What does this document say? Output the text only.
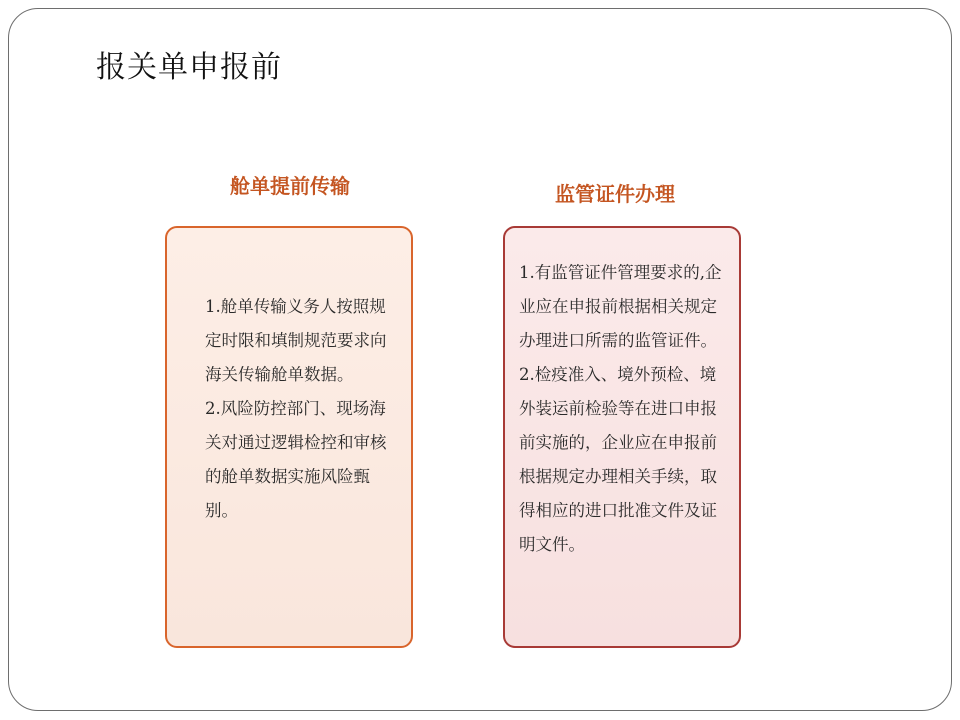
报关单申报前
舱单提前传输	监管证件办理

1.舱单传输义务人按照规定时限和填制规范要求向海关传输舱单数据。

2.风险防控部门、现场海关对通过逻辑检控和审核的舱单数据实施风险甄别。

1.有监管证件管理要求的,企业应在申报前根据相关规定办理进口所需的监管证件。

2.检疫准入、境外预检、境外装运前检验等在进口申报前实施的，企业应在申报前根据规定办理相关手续，取得相应的进口批准文件及证明文件。
